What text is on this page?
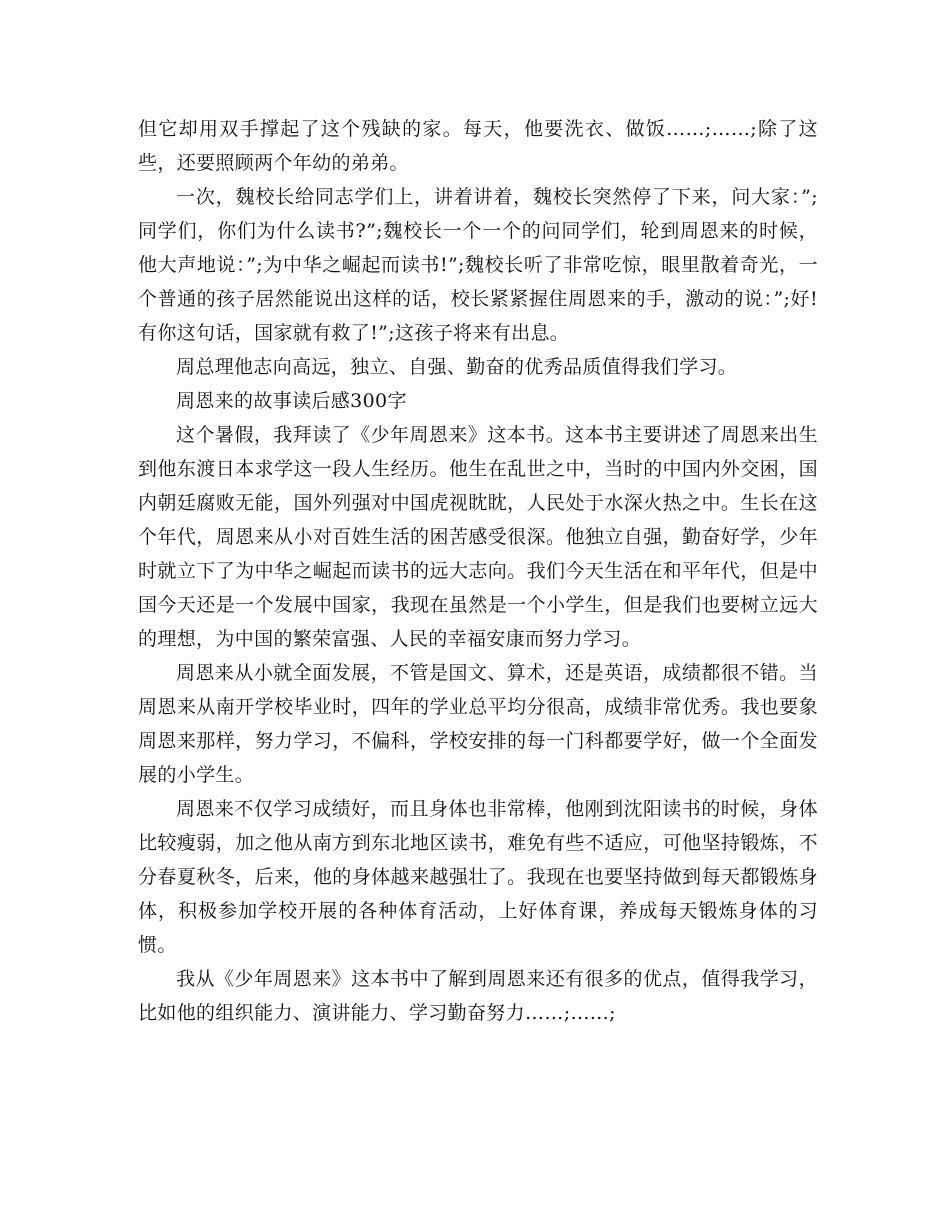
但它却用双手撑起了这个残缺的家。每天，他要洗衣、做饭……;……;除了这些，还要照顾两个年幼的弟弟。

一次，魏校长给同志学们上，讲着讲着，魏校长突然停了下来，问大家：”;同学们，你们为什么读书?”;魏校长一个一个的问同学们，轮到周恩来的时候，他大声地说：”;为中华之崛起而读书!”;魏校长听了非常吃惊，眼里散着奇光，一个普通的孩子居然能说出这样的话，校长紧紧握住周恩来的手，激动的说：”;好!有你这句话，国家就有救了!”;这孩子将来有出息。

周总理他志向高远，独立、自强、勤奋的优秀品质值得我们学习。

周恩来的故事读后感300字

这个暑假，我拜读了《少年周恩来》这本书。这本书主要讲述了周恩来出生到他东渡日本求学这一段人生经历。他生在乱世之中，当时的中国内外交困，国内朝廷腐败无能，国外列强对中国虎视眈眈，人民处于水深火热之中。生长在这个年代，周恩来从小对百姓生活的困苦感受很深。他独立自强，勤奋好学，少年时就立下了为中华之崛起而读书的远大志向。我们今天生活在和平年代，但是中国今天还是一个发展中国家，我现在虽然是一个小学生，但是我们也要树立远大的理想，为中国的繁荣富强、人民的幸福安康而努力学习。

周恩来从小就全面发展，不管是国文、算术，还是英语，成绩都很不错。当周恩来从南开学校毕业时，四年的学业总平均分很高，成绩非常优秀。我也要象周恩来那样，努力学习，不偏科，学校安排的每一门科都要学好，做一个全面发展的小学生。

周恩来不仅学习成绩好，而且身体也非常棒，他刚到沈阳读书的时候，身体比较瘦弱，加之他从南方到东北地区读书，难免有些不适应，可他坚持锻炼，不分春夏秋冬，后来，他的身体越来越强壮了。我现在也要坚持做到每天都锻炼身体，积极参加学校开展的各种体育活动，上好体育课，养成每天锻炼身体的习惯。

我从《少年周恩来》这本书中了解到周恩来还有很多的优点，值得我学习，比如他的组织能力、演讲能力、学习勤奋努力……;……;
